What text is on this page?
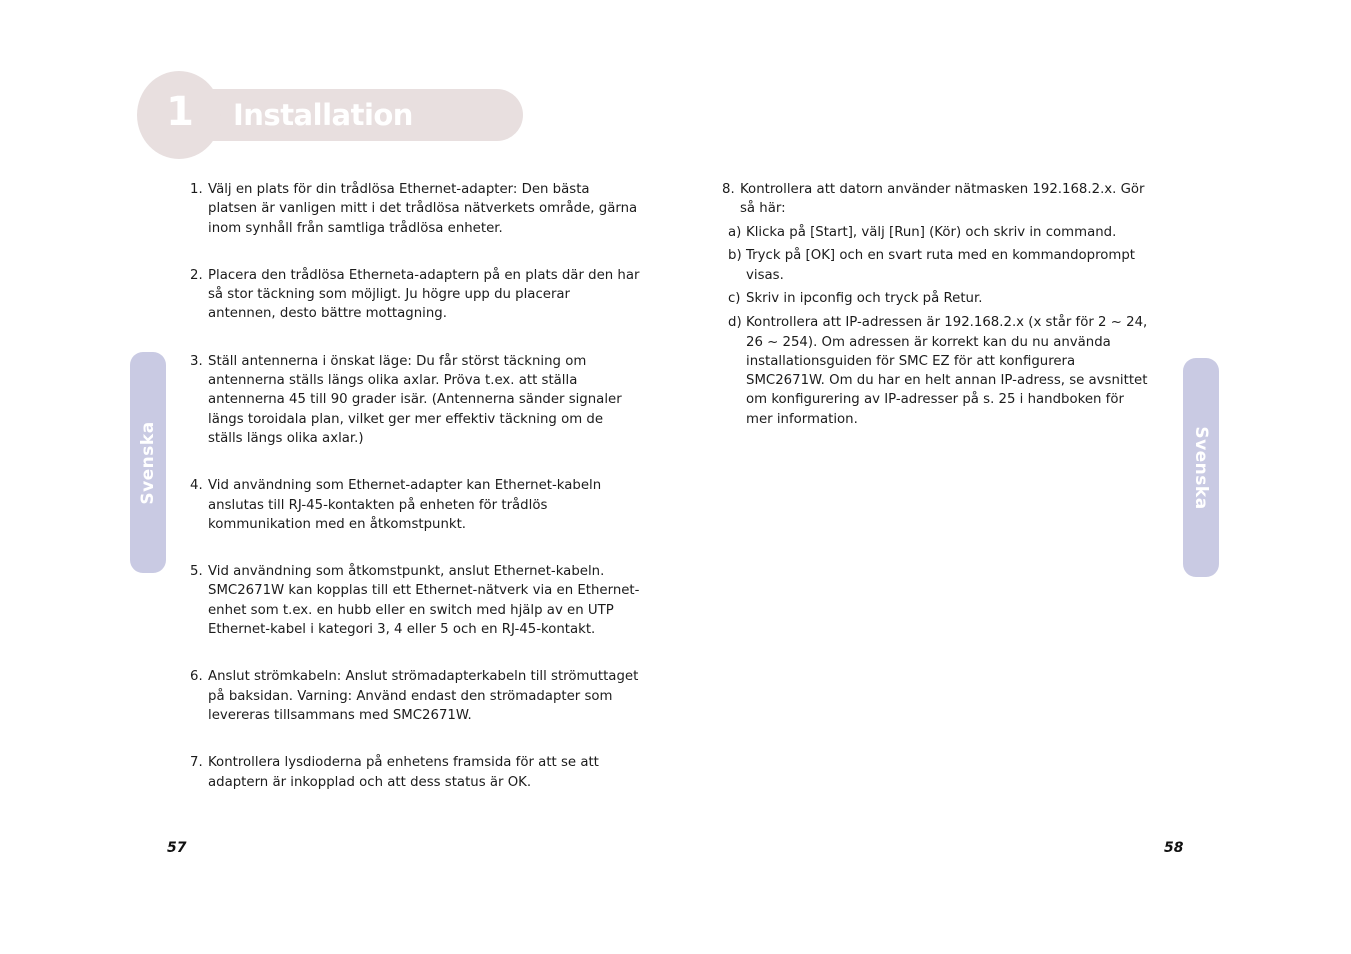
1 Installation
Svenska	Svenska
1. Välj en plats för din trådlösa Ethernet-adapter: Den bästa platsen är vanligen mitt i det trådlösa nätverkets område, gärna inom synhåll från samtliga trådlösa enheter.
2. Placera den trådlösa Etherneta-adaptern på en plats där den har så stor täckning som möjligt. Ju högre upp du placerar antennen, desto bättre mottagning.
3. Ställ antennerna i önskat läge: Du får störst täckning om antennerna ställs längs olika axlar. Pröva t.ex. att ställa antennerna 45 till 90 grader isär. (Antennerna sänder signaler längs toroidala plan, vilket ger mer effektiv täckning om de ställs längs olika axlar.)
4. Vid användning som Ethernet-adapter kan Ethernet-kabeln anslutas till RJ-45-kontakten på enheten för trådlös kommunikation med en åtkomstpunkt.
5. Vid användning som åtkomstpunkt, anslut Ethernet-kabeln. SMC2671W kan kopplas till ett Ethernet-nätverk via en Ethernet-enhet som t.ex. en hubb eller en switch med hjälp av en UTP Ethernet-kabel i kategori 3, 4 eller 5 och en RJ-45-kontakt.
6. Anslut strömkabeln: Anslut strömadapterkabeln till strömuttaget på baksidan. Varning: Använd endast den strömadapter som levereras tillsammans med SMC2671W.
7. Kontrollera lysdioderna på enhetens framsida för att se att adaptern är inkopplad och att dess status är OK.
8. Kontrollera att datorn använder nätmasken 192.168.2.x. Gör så här:
a) Klicka på [Start], välj [Run] (Kör) och skriv in command.
b) Tryck på [OK] och en svart ruta med en kommandoprompt visas.
c) Skriv in ipconfig och tryck på Retur.
d) Kontrollera att IP-adressen är 192.168.2.x (x står för 2 ~ 24, 26 ~ 254). Om adressen är korrekt kan du nu använda installationsguiden för SMC EZ för att konfigurera SMC2671W. Om du har en helt annan IP-adress, se avsnittet om konfigurering av IP-adresser på s. 25 i handboken för mer information.
57	58
